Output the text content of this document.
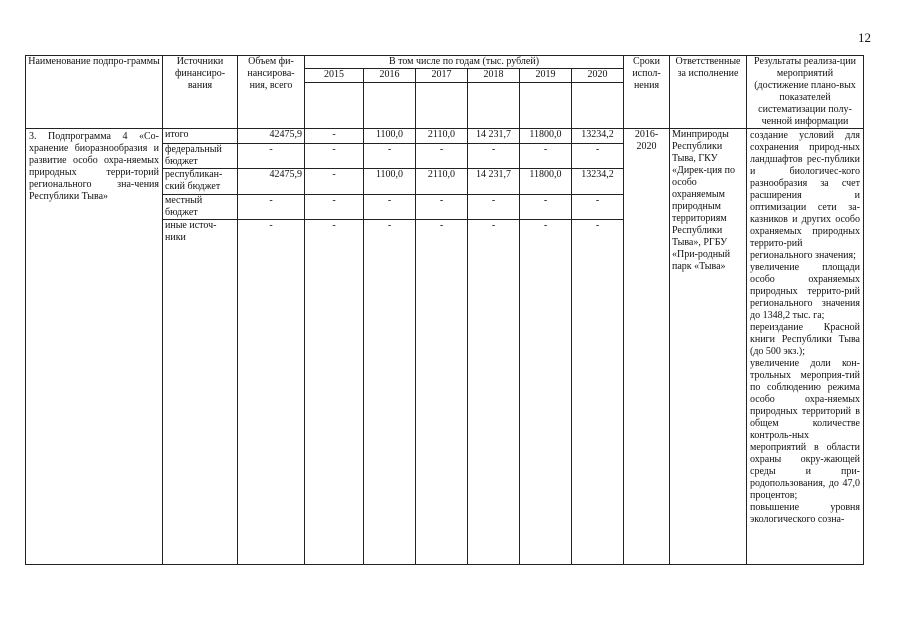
12
Наименование подпро-граммы	Источники финансиро-вания	Объем фи-нансирова-ния, всего	В том числе по годам (тыс. рублей)						Сроки испол-нения	Ответственные за исполнение	Результаты реализа-ции мероприятий (достижение плано-вых показателей систематизации полу-ченной информации
			2015	2016	2017	2018	2019	2020			

3. Подпрограмма 4 «Со-хранение биоразнообразия и развитие особо охра-няемых природных терри-торий регионального зна-чения Республики Тыва»	итого	42475,9	-	1100,0	2110,0	14 231,7	11800,0	13234,2	2016-2020	Минприроды Республики Тыва, ГКУ «Дирек-ция по особо охраняемым природным территориям Республики Тыва», РГБУ «При-родный парк «Тыва»	создание условий для сохранения природ-ных ландшафтов рес-публики и биологичес-кого разнообразия за счет расширения и оптимизации сети за-казников и других особо охраняемых природных террито-рий регионального значения;
увеличение площади особо охраняемых природных террито-рий регионального значения до 1348,2 тыс. га;
переиздание Красной книги Республики Тыва (до 500 экз.);
увеличение доли кон-трольных мероприя-тий по соблюдению режима особо охра-няемых природных территорий в общем количестве контроль-ных мероприятий в области охраны окру-жающей среды и при-родопользования, до 47,0 процентов;
повышение уровня экологического созна-

	федеральный бюджет	-	-	-	-	-	-	-			
	республикан-ский бюджет	42475,9	-	1100,0	2110,0	14 231,7	11800,0	13234,2			
	местный бюджет	-	-	-	-	-	-	-			
	иные источ-ники	-	-	-	-	-	-	-			
